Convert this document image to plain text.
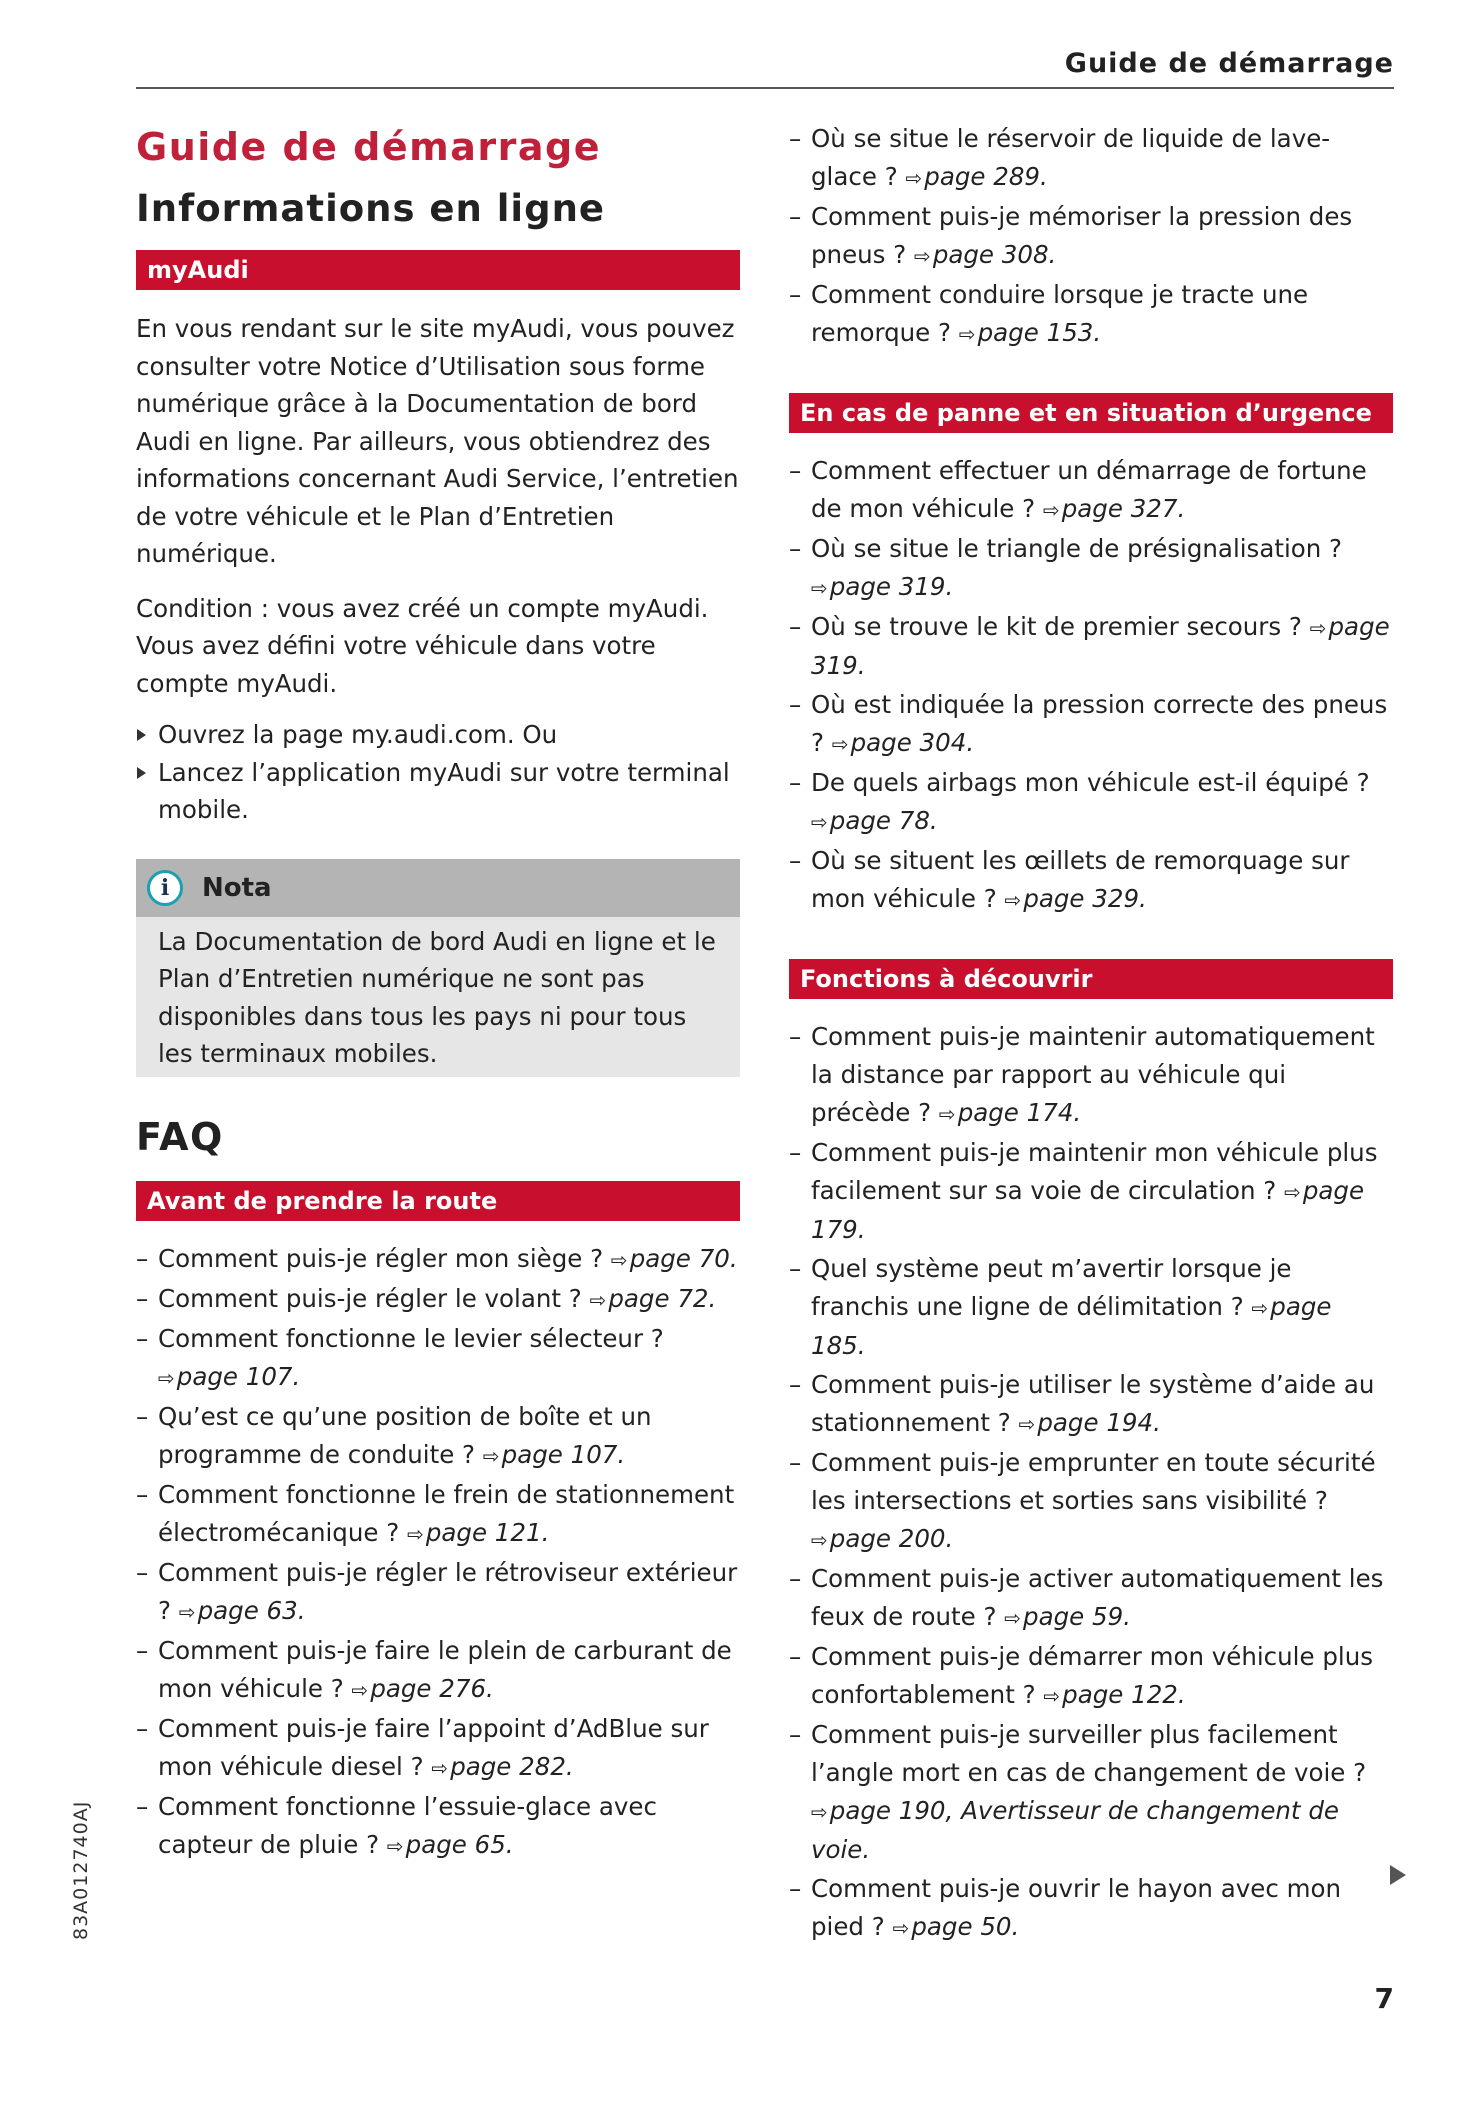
Guide de démarrage
Guide de démarrage
Informations en ligne
myAudi

En vous rendant sur le site myAudi, vous pouvez consulter votre Notice d’Utilisation sous forme numérique grâce à la Documentation de bord Audi en ligne. Par ailleurs, vous obtiendrez des informations concernant Audi Service, l’entretien de votre véhicule et le Plan d’Entretien numérique.

Condition : vous avez créé un compte myAudi. Vous avez défini votre véhicule dans votre compte myAudi.

Ouvrez la page my.audi.com. Ou
Lancez l’application myAudi sur votre terminal mobile.
i	Nota
La Documentation de bord Audi en ligne et le Plan d’Entretien numérique ne sont pas disponibles dans tous les pays ni pour tous les terminaux mobiles.
FAQ
Avant de prendre la route
– Comment puis-je régler mon siège ? ⇨page 70.
– Comment puis-je régler le volant ? ⇨page 72.
– Comment fonctionne le levier sélecteur ? ⇨page 107.
– Qu’est ce qu’une position de boîte et un programme de conduite ? ⇨page 107.
– Comment fonctionne le frein de stationnement électromécanique ? ⇨page 121.
– Comment puis-je régler le rétroviseur extérieur ? ⇨page 63.
– Comment puis-je faire le plein de carburant de mon véhicule ? ⇨page 276.
– Comment puis-je faire l’appoint d’AdBlue sur mon véhicule diesel ? ⇨page 282.
– Comment fonctionne l’essuie-glace avec capteur de pluie ? ⇨page 65.
– Où se situe le réservoir de liquide de lave-glace ? ⇨page 289.
– Comment puis-je mémoriser la pression des pneus ? ⇨page 308.
– Comment conduire lorsque je tracte une remorque ? ⇨page 153.
En cas de panne et en situation d’urgence
– Comment effectuer un démarrage de fortune de mon véhicule ? ⇨page 327.
– Où se situe le triangle de présignalisation ? ⇨page 319.
– Où se trouve le kit de premier secours ? ⇨page 319.
– Où est indiquée la pression correcte des pneus ? ⇨page 304.
– De quels airbags mon véhicule est-il équipé ? ⇨page 78.
– Où se situent les œillets de remorquage sur mon véhicule ? ⇨page 329.
Fonctions à découvrir
– Comment puis-je maintenir automatiquement la distance par rapport au véhicule qui précède ? ⇨page 174.
– Comment puis-je maintenir mon véhicule plus facilement sur sa voie de circulation ? ⇨page 179.
– Quel système peut m’avertir lorsque je franchis une ligne de délimitation ? ⇨page 185.
– Comment puis-je utiliser le système d’aide au stationnement ? ⇨page 194.
– Comment puis-je emprunter en toute sécurité les intersections et sorties sans visibilité ? ⇨page 200.
– Comment puis-je activer automatiquement les feux de route ? ⇨page 59.
– Comment puis-je démarrer mon véhicule plus confortablement ? ⇨page 122.
– Comment puis-je surveiller plus facilement l’angle mort en cas de changement de voie ? ⇨page 190, Avertisseur de changement de voie.
– Comment puis-je ouvrir le hayon avec mon pied ? ⇨page 50.
7
83A012740AJ
